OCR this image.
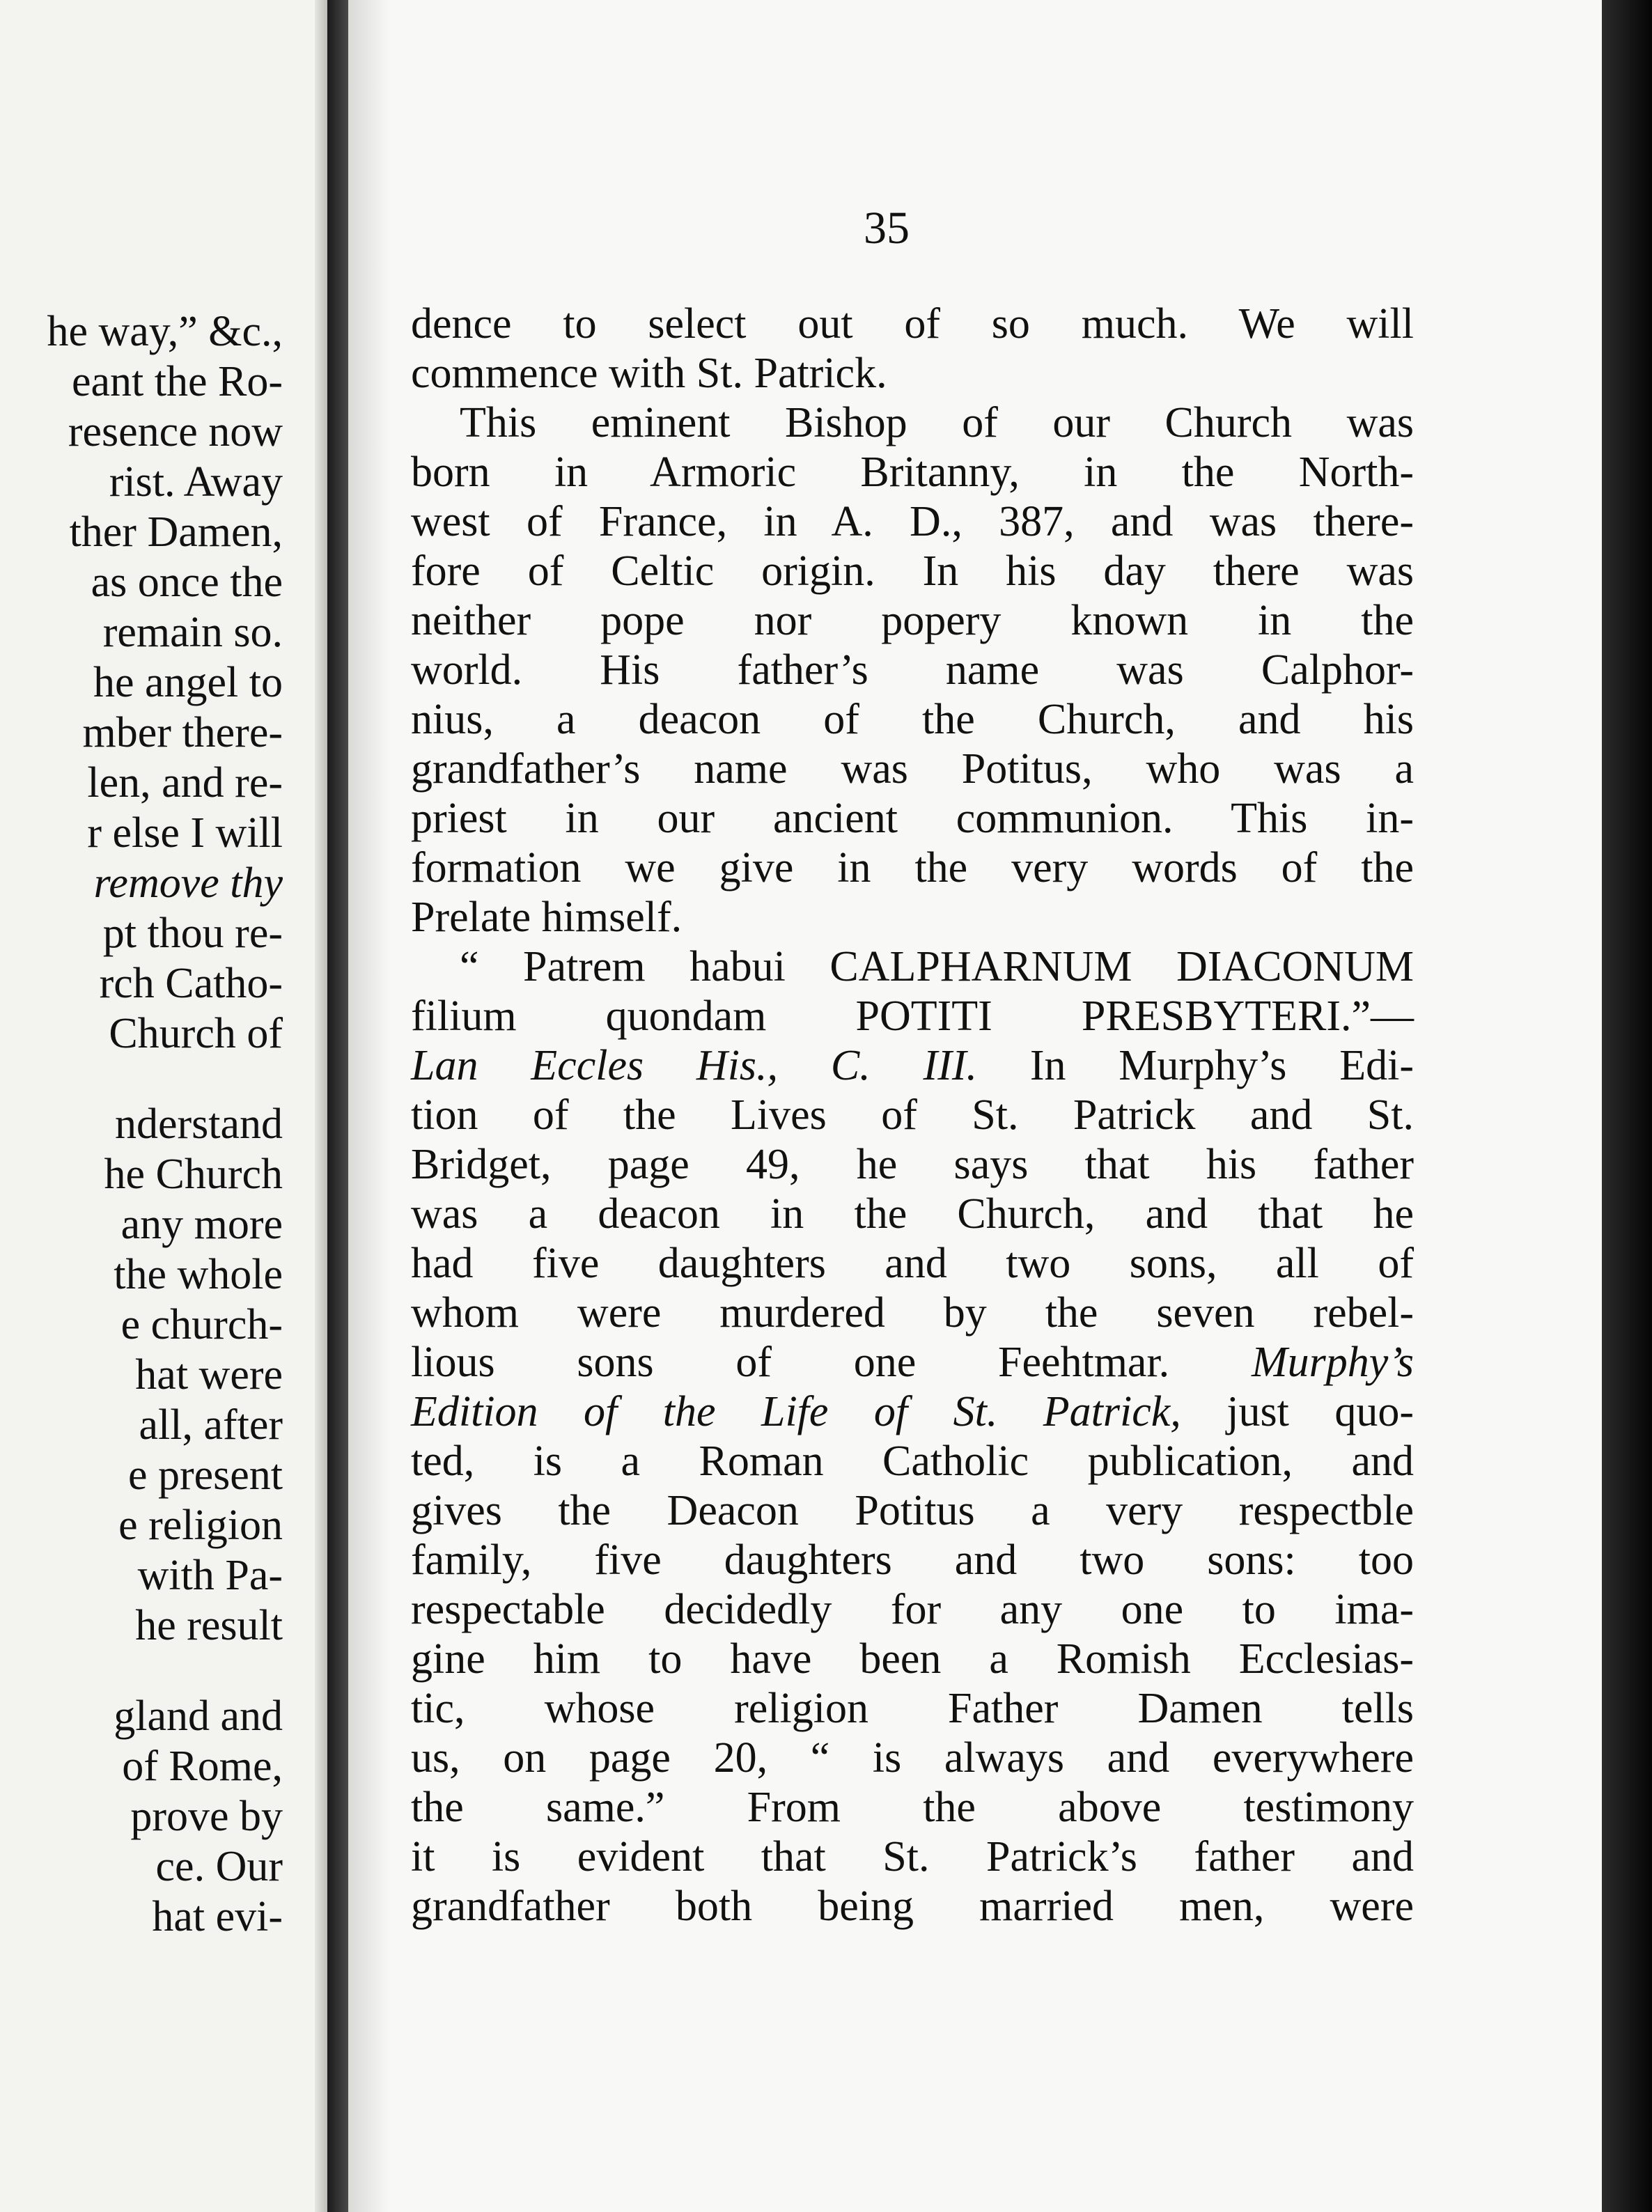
he way,” &c.,
eant the Ro-
resence now
rist. Away
ther Damen,
as once the
remain so.
he angel to
mber there-
len, and re-
r else I will
remove thy
pt thou re-
rch Catho-
Church of
nderstand
he Church
any more
the whole
e church-
hat were
all, after
e present
e religion
with Pa-
he result
gland and
of Rome,
prove by
ce. Our
hat evi-
35
dence to select out of so much. We will
commence with St. Patrick.
This eminent Bishop of our Church was
born in Armoric Britanny, in the North-
west of France, in A. D., 387, and was there-
fore of Celtic origin. In his day there was
neither pope nor popery known in the
world. His father’s name was Calphor-
nius, a deacon of the Church, and his
grandfather’s name was Potitus, who was a
priest in our ancient communion. This in-
formation we give in the very words of the
Prelate himself.
“ Patrem habui CALPHARNUM DIACONUM
filium quondam POTITI PRESBYTERI.”—
Lan Eccles His., C. III. In Murphy’s Edi-
tion of the Lives of St. Patrick and St.
Bridget, page 49, he says that his father
was a deacon in the Church, and that he
had five daughters and two sons, all of
whom were murdered by the seven rebel-
lious sons of one Feehtmar. Murphy’s
Edition of the Life of St. Patrick, just quo-
ted, is a Roman Catholic publication, and
gives the Deacon Potitus a very respectble
family, five daughters and two sons: too
respectable decidedly for any one to ima-
gine him to have been a Romish Ecclesias-
tic, whose religion Father Damen tells
us, on page 20, “ is always and everywhere
the same.” From the above testimony
it is evident that St. Patrick’s father and
grandfather both being married men, were
